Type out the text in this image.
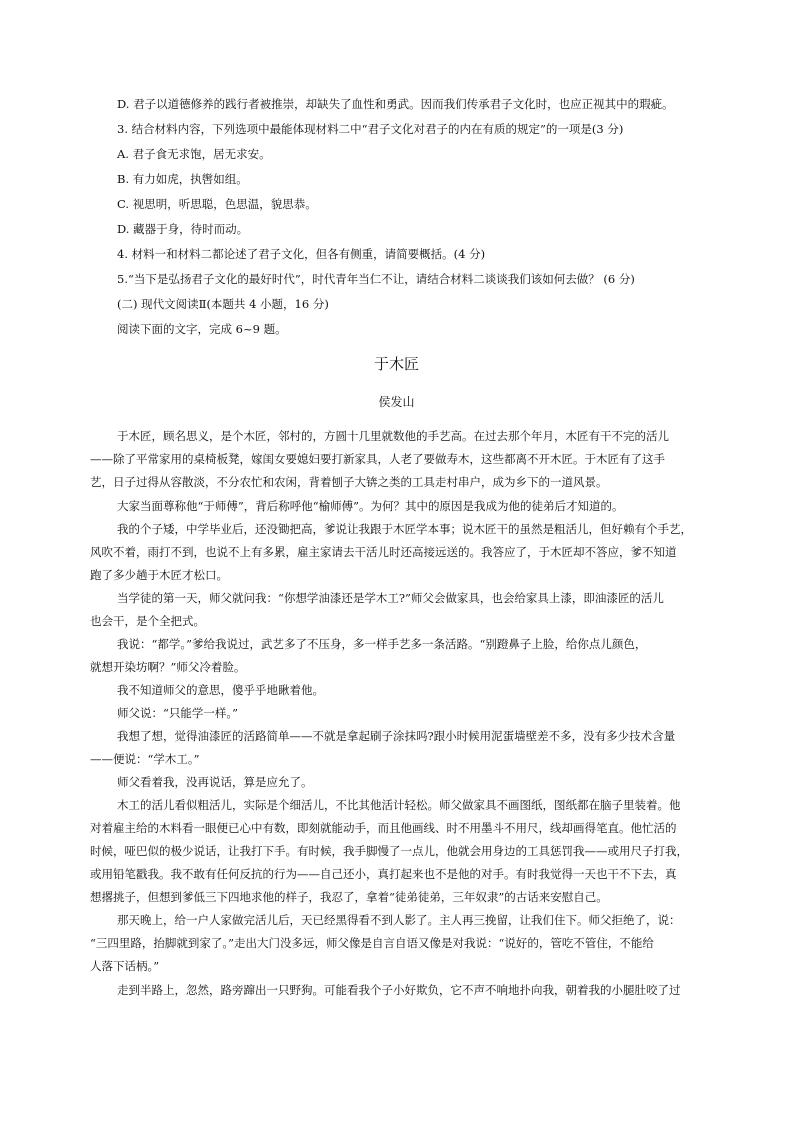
D. 君子以道德修养的践行者被推崇，却缺失了血性和勇武。因而我们传承君子文化时，也应正视其中的瑕疵。
3. 结合材料内容，下列选项中最能体现材料二中“君子文化对君子的内在有质的规定”的一项是(3 分)
A. 君子食无求饱，居无求安。
B. 有力如虎，执辔如组。
C. 视思明，听思聪，色思温，貌思恭。
D. 藏器于身，待时而动。
4. 材料一和材料二都论述了君子文化，但各有侧重，请简要概括。(4 分)
5.“当下是弘扬君子文化的最好时代”，时代青年当仁不让，请结合材料二谈谈我们该如何去做？ (6 分)
(二) 现代文阅读Ⅱ(本题共 4 小题，16 分)
阅读下面的文字，完成 6~9 题。
于木匠
侯发山
于木匠，顾名思义，是个木匠，邻村的，方圆十几里就数他的手艺高。在过去那个年月，木匠有干不完的活儿
——除了平常家用的桌椅板凳，嫁闺女要媳妇要打新家具，人老了要做寿木，这些都离不开木匠。于木匠有了这手
艺，日子过得从容散淡，不分农忙和农闲，背着刨子大锛之类的工具走村串户，成为乡下的一道风景。
大家当面尊称他“于师傅”，背后称呼他“榆师傅”。为何？其中的原因是我成为他的徒弟后才知道的。
我的个子矮，中学毕业后，还没锄把高，爹说让我跟于木匠学本事；说木匠干的虽然是粗活儿，但好赖有个手艺，
风吹不着，雨打不到，也说不上有多累，雇主家请去干活儿时还高接远送的。我答应了，于木匠却不答应，爹不知道
跑了多少趟于木匠才松口。
当学徒的第一天，师父就问我：“你想学油漆还是学木工?”师父会做家具，也会给家具上漆，即油漆匠的活儿
也会干，是个全把式。
我说：“都学。”爹给我说过，武艺多了不压身，多一样手艺多一条活路。“别蹬鼻子上脸，给你点儿颜色，
就想开染坊啊？”师父冷着脸。
我不知道师父的意思，傻乎乎地瞅着他。
师父说：“只能学一样。”
我想了想，觉得油漆匠的活路简单——不就是拿起刷子涂抹吗?跟小时候用泥蛋墙壁差不多，没有多少技术含量
——便说：“学木工。”
师父看着我，没再说话，算是应允了。
木工的活儿看似粗活儿，实际是个细活儿，不比其他活计轻松。师父做家具不画图纸，图纸都在脑子里装着。他
对着雇主给的木料看一眼便已心中有数，即刻就能动手，而且他画线、时不用墨斗不用尺，线却画得笔直。他忙活的
时候，哑巴似的极少说话，让我打下手。有时候，我手脚慢了一点儿，他就会用身边的工具惩罚我——或用尺子打我，
或用铅笔戳我。我不敢有任何反抗的行为——自己还小，真打起来也不是他的对手。有时我觉得一天也干不下去，真
想撂挑子，但想到爹低三下四地求他的样子，我忍了，拿着“徒弟徒弟，三年奴隶”的古话来安慰自己。
那天晚上，给一户人家做完活儿后，天已经黑得看不到人影了。主人再三挽留，让我们住下。师父拒绝了，说：
“三四里路，抬脚就到家了。”走出大门没多远，师父像是自言自语又像是对我说：“说好的，管吃不管住，不能给
人落下话柄。”
走到半路上，忽然，路旁蹿出一只野狗。可能看我个子小好欺负，它不声不响地扑向我，朝着我的小腿肚咬了过
